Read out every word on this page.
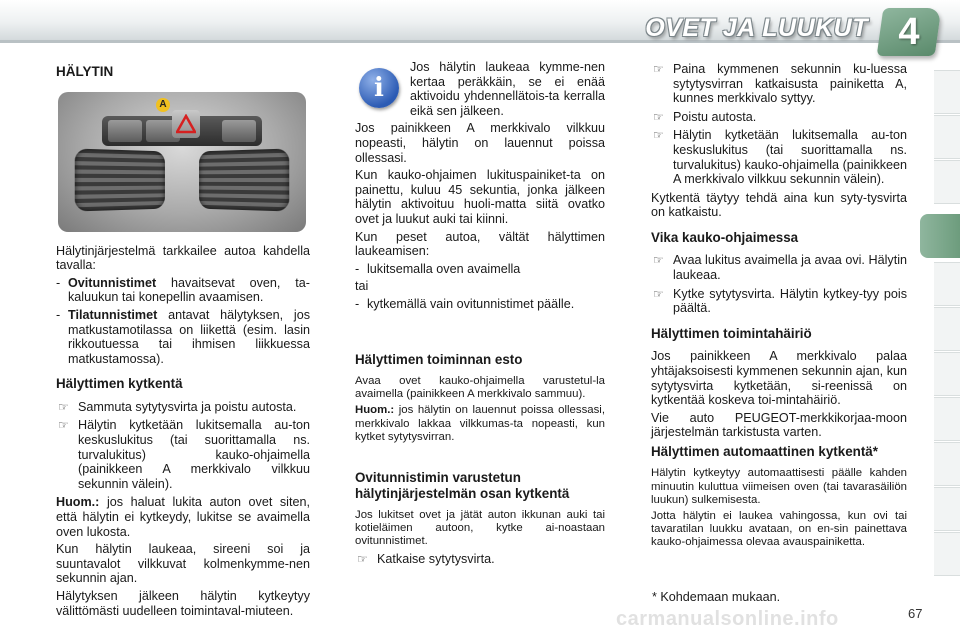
OVET JA LUUKUT 4
HÄLYTIN
A

Hälytinjärjestelmä tarkkailee autoa kahdella tavalla:

- Ovitunnistimet havaitsevat oven, ta-kaluukun tai konepellin avaamisen.
- Tilatunnistimet antavat hälytyksen, jos matkustamotilassa on liikettä (esim. lasin rikkoutuessa tai ihmisen liikkuessa matkustamossa).
Hälyttimen kytkentä
☞ Sammuta sytytysvirta ja poistu autosta.
☞ Hälytin kytketään lukitsemalla au-ton keskuslukitus (tai suorittamalla ns. turvalukitus) kauko-ohjaimella (painikkeen A merkkivalo vilkkuu sekunnin välein).

Huom.: jos haluat lukita auton ovet siten, että hälytin ei kytkeydy, lukitse se avaimella oven lukosta.

Kun hälytin laukeaa, sireeni soi ja suuntavalot vilkkuvat kolmenkymme-nen sekunnin ajan.

Hälytyksen jälkeen hälytin kytkeytyy välittömästi uudelleen toimintaval-miuteen.

i

Jos hälytin laukeaa kymme-nen kertaa peräkkäin, se ei enää aktivoidu yhdennellätois-ta kerralla eikä sen jälkeen.

Jos painikkeen A merkkivalo vilkkuu nopeasti, hälytin on lauennut poissa ollessasi.

Kun kauko-ohjaimen lukituspainiket-ta on painettu, kuluu 45 sekuntia, jonka jälkeen hälytin aktivoituu huoli-matta siitä ovatko ovet ja luukut auki tai kiinni.

Kun peset autoa, vältät hälyttimen laukeamisen:

- lukitsemalla oven avaimella

tai

- kytkemällä vain ovitunnistimet päälle.
Hälyttimen toiminnan esto

Avaa ovet kauko-ohjaimella varustetul-la avaimella (painikkeen A merkkivalo sammuu).

Huom.: jos hälytin on lauennut poissa ollessasi, merkkivalo lakkaa vilkkumas-ta nopeasti, kun kytket sytytysvirran.

Ovitunnistimin varustetun hälytinjärjestelmän osan kytkentä

Jos lukitset ovet ja jätät auton ikkunan auki tai kotieläimen autoon, kytke ai-noastaan ovitunnistimet.

☞ Katkaise sytytysvirta.
☞ Paina kymmenen sekunnin ku-luessa sytytysvirran katkaisusta painiketta A, kunnes merkkivalo syttyy.
☞ Poistu autosta.
☞ Hälytin kytketään lukitsemalla au-ton keskuslukitus (tai suorittamalla ns. turvalukitus) kauko-ohjaimella (painikkeen A merkkivalo vilkkuu sekunnin välein).

Kytkentä täytyy tehdä aina kun syty-tysvirta on katkaistu.

Vika kauko-ohjaimessa
☞ Avaa lukitus avaimella ja avaa ovi. Hälytin laukeaa.
☞ Kytke sytytysvirta. Hälytin kytkey-tyy pois päältä.
Hälyttimen toimintahäiriö

Jos painikkeen A merkkivalo palaa yhtäjaksoisesti kymmenen sekunnin ajan, kun sytytysvirta kytketään, si-reenissä on kytkentää koskeva toi-mintahäiriö.

Vie auto PEUGEOT-merkkikorjaa-moon järjestelmän tarkistusta varten.

Hälyttimen automaattinen kytkentä*

Hälytin kytkeytyy automaattisesti päälle kahden minuutin kuluttua viimeisen oven (tai tavarasäiliön luukun) sulkemisesta.

Jotta hälytin ei laukea vahingossa, kun ovi tai tavaratilan luukku avataan, on en-sin painettava kauko-ohjaimessa olevaa avauspainiketta.

* Kohdemaan mukaan.
carmanualsonline.info	67
